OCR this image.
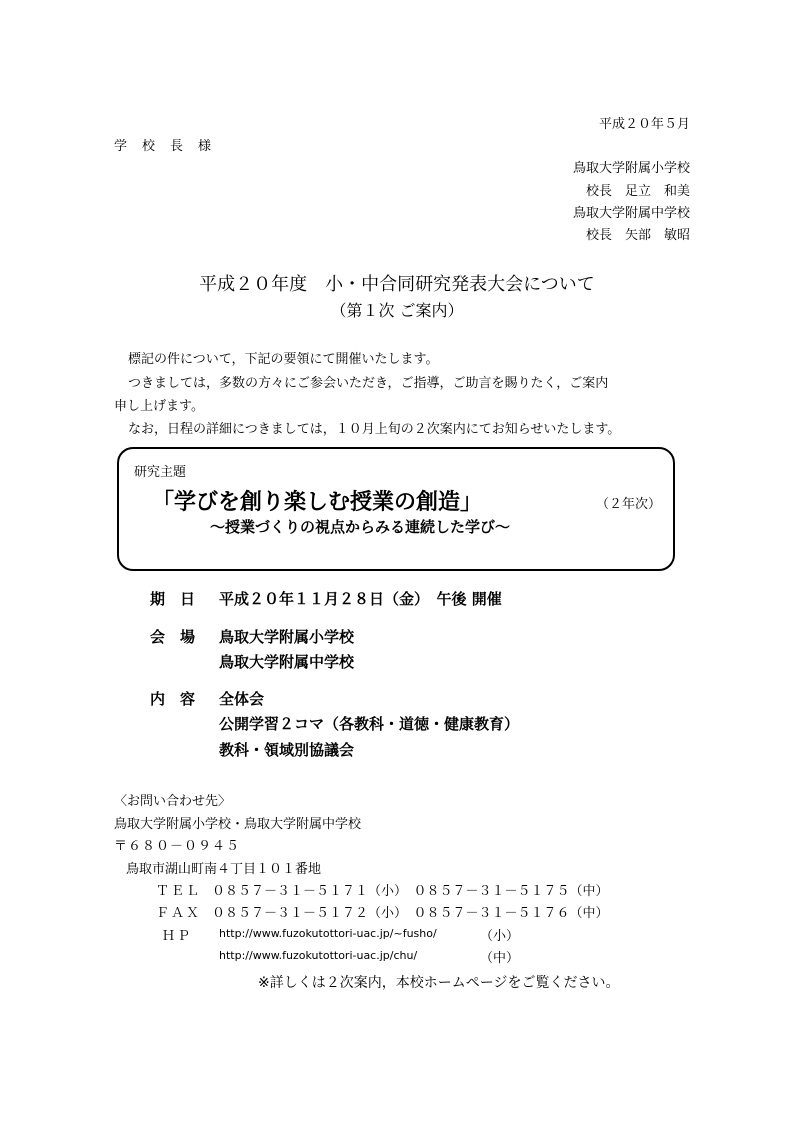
平成２０年５月
学　校　長　様
鳥取大学附属小学校
校長　足立　和美
鳥取大学附属中学校
校長　矢部　敏昭
平成２０年度　小・中合同研究発表大会について
（第１次 ご案内）
標記の件について，下記の要領にて開催いたします。
つきましては，多数の方々にご参会いただき，ご指導，ご助言を賜りたく，ご案内
申し上げます。
なお，日程の詳細につきましては，１０月上旬の２次案内にてお知らせいたします。
研究主題
「学びを創り楽しむ授業の創造」	（２年次）
～授業づくりの視点からみる連続した学び～
期　日 平成２０年１１月２８日（金）　午後 開催
会　場 鳥取大学附属小学校
鳥取大学附属中学校
内　容 全体会
公開学習２コマ（各教科・道徳・健康教育）
教科・領域別協議会
〈お問い合わせ先〉
鳥取大学附属小学校・鳥取大学附属中学校
〒６８０－０９４５
鳥取市湖山町南４丁目１０１番地
ＴＥＬ ０８５７－３１－５１７１（小）　０８５７－３１－５１７５（中）
ＦＡＸ ０８５７－３１－５１７２（小）　０８５７－３１－５１７６（中）
ＨＰ http://www.fuzokutottori-uac.jp/~fusho/	（小）
http://www.fuzokutottori-uac.jp/chu/	（中）
※詳しくは２次案内，本校ホームページをご覧ください。
